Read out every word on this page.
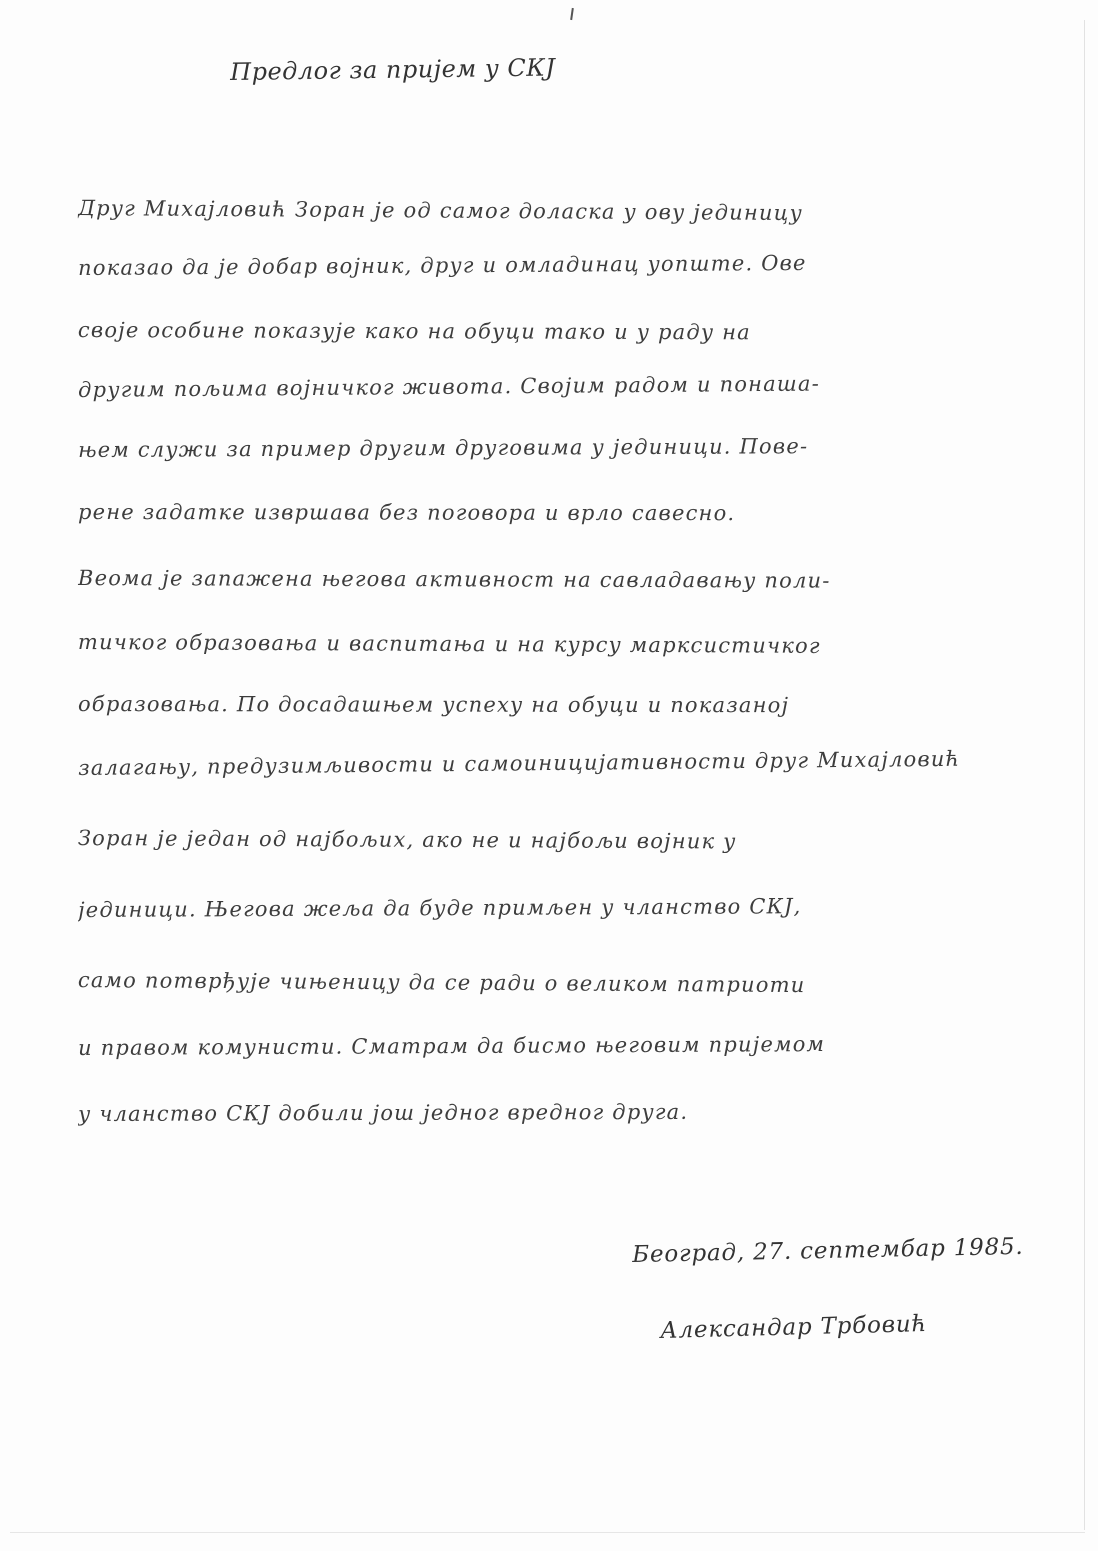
Предлог за пријем у СКЈ
Друг Михајловић Зоран је од самог доласка у ову јединицу
показао да је добар војник, друг и омладинац уопште. Ове
своје особине показује како на обуци тако и у раду на
другим пољима војничког живота. Својим радом и понаша-
њем служи за пример другим друговима у јединици. Пове-
рене задатке извршава без поговора и врло савесно.
Веома је запажена његова активност на савладавању поли-
тичког образовања и васпитања и на курсу марксистичког
образовања. По досадашњем успеху на обуци и показаној
залагању, предузимљивости и самоиницијативности друг Михајловић
Зоран је један од најбољих, ако не и најбољи војник у
јединици. Његова жеља да буде примљен у чланство СКЈ,
само потврђује чињеницу да се ради о великом патриоти
и правом комунисти. Сматрам да бисмо његовим пријемом
у чланство СКЈ добили још једног вредног друга.
Београд, 27. септембар 1985.
Александар Трбовић
